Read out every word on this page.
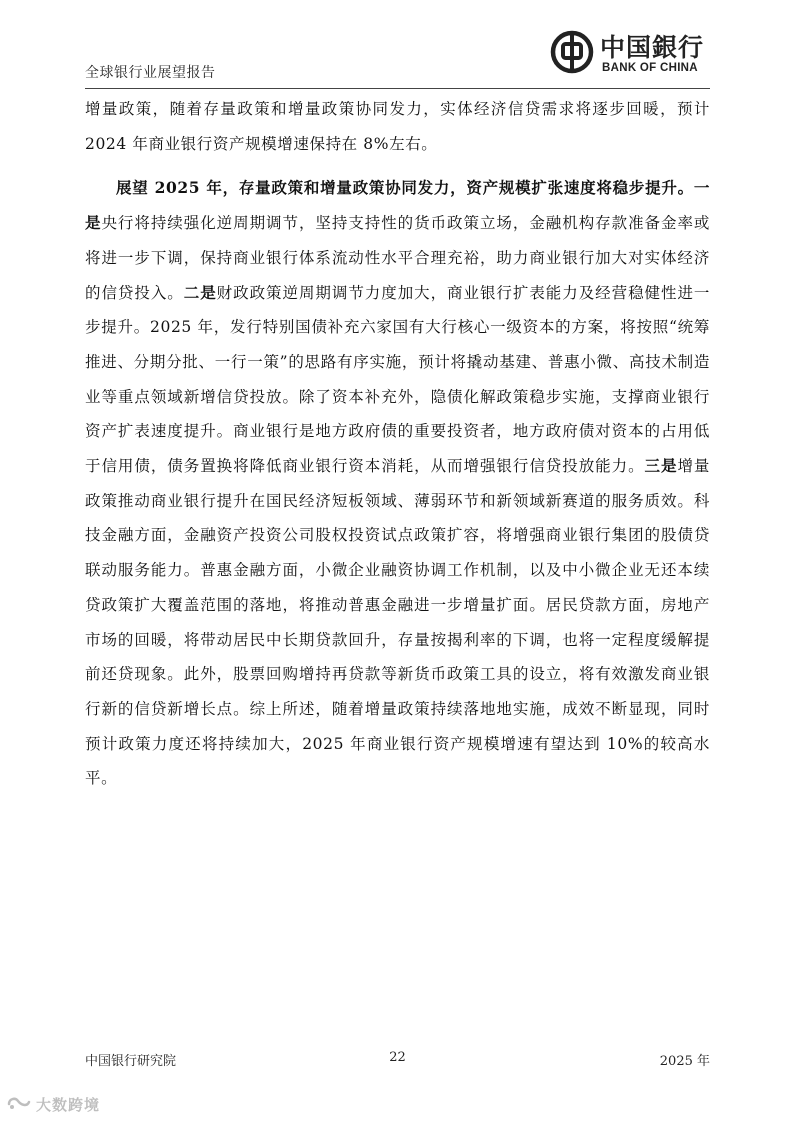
全球银行业展望报告
中国銀行
BANK OF CHINA

增量政策，随着存量政策和增量政策协同发力，实体经济信贷需求将逐步回暖，预计 2024 年商业银行资产规模增速保持在 8%左右。

展望 2025 年，存量政策和增量政策协同发力，资产规模扩张速度将稳步提升。一是央行将持续强化逆周期调节，坚持支持性的货币政策立场，金融机构存款准备金率或将进一步下调，保持商业银行体系流动性水平合理充裕，助力商业银行加大对实体经济的信贷投入。二是财政政策逆周期调节力度加大，商业银行扩表能力及经营稳健性进一步提升。2025 年，发行特别国债补充六家国有大行核心一级资本的方案，将按照“统筹推进、分期分批、一行一策”的思路有序实施，预计将撬动基建、普惠小微、高技术制造业等重点领域新增信贷投放。除了资本补充外，隐债化解政策稳步实施，支撑商业银行资产扩表速度提升。商业银行是地方政府债的重要投资者，地方政府债对资本的占用低于信用债，债务置换将降低商业银行资本消耗，从而增强银行信贷投放能力。三是增量政策推动商业银行提升在国民经济短板领域、薄弱环节和新领域新赛道的服务质效。科技金融方面，金融资产投资公司股权投资试点政策扩容，将增强商业银行集团的股债贷联动服务能力。普惠金融方面，小微企业融资协调工作机制，以及中小微企业无还本续贷政策扩大覆盖范围的落地，将推动普惠金融进一步增量扩面。居民贷款方面，房地产市场的回暖，将带动居民中长期贷款回升，存量按揭利率的下调，也将一定程度缓解提前还贷现象。此外，股票回购增持再贷款等新货币政策工具的设立，将有效激发商业银行新的信贷新增长点。综上所述，随着增量政策持续落地地实施，成效不断显现，同时预计政策力度还将持续加大，2025 年商业银行资产规模增速有望达到 10%的较高水平。

中国银行研究院	22	2025 年
大数跨境
